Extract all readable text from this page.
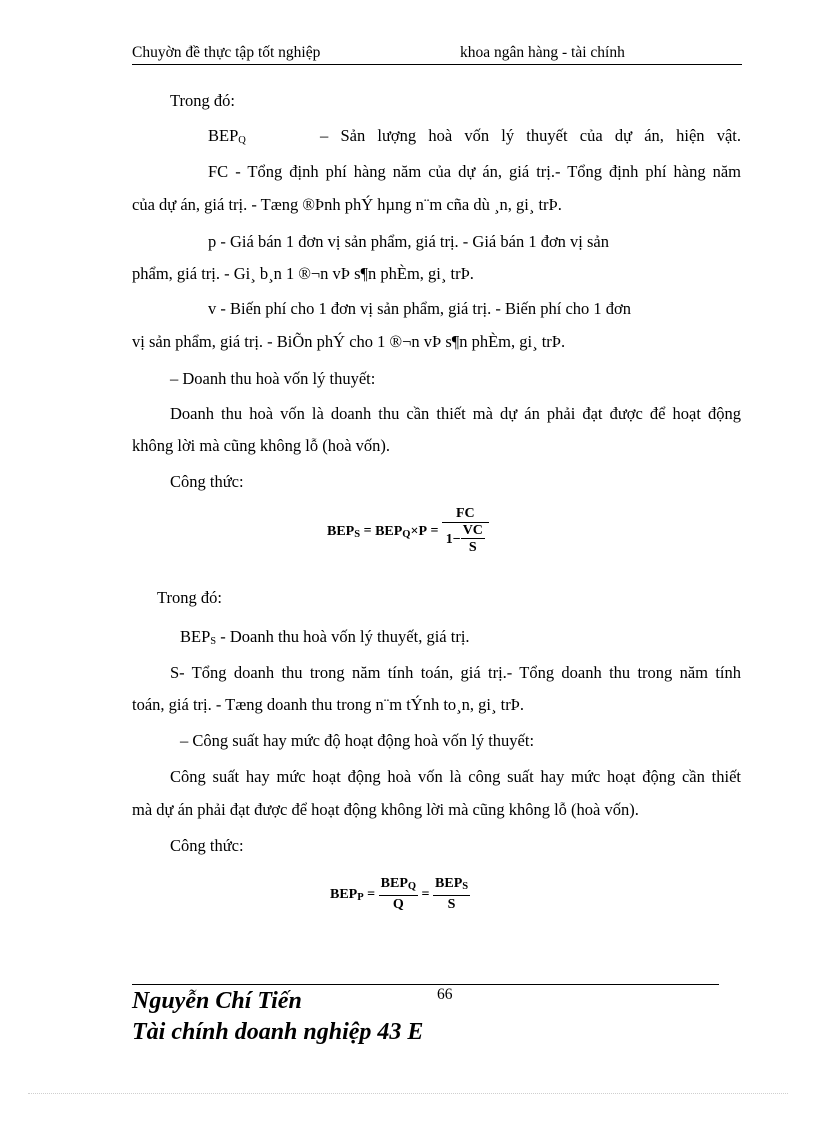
Chuyờn đề thực tập tốt nghiệp	khoa ngân hàng - tài chính
Trong đó:
BEPQ	– Sản lượng hoà vốn lý thuyết của dự án, hiện vật.
FC - Tổng định phí hàng năm của dự án, giá trị.- Tổng định phí hàng năm
của dự án, giá trị. - Tæng ®Þnh phÝ hµng n¨m cña dù ¸n, gi¸ trÞ.
p - Giá bán 1 đơn vị sản phẩm, giá trị. - Giá bán 1 đơn vị sản
phẩm, giá trị. - Gi¸ b¸n 1 ®¬n vÞ s¶n phÈm, gi¸ trÞ.
v - Biến phí cho 1 đơn vị sản phẩm, giá trị. - Biến phí cho 1 đơn
vị sản phẩm, giá trị. - BiÕn phÝ cho 1 ®¬n vÞ s¶n phÈm, gi¸ trÞ.
– Doanh thu hoà vốn lý thuyết:
Doanh thu hoà vốn là doanh thu cần thiết mà dự án phải đạt được để hoạt động
không lời mà cũng không lỗ (hoà vốn).
Công thức:
BEPS = BEPQ×P = $\frac{FC}{1- \frac{VC}{S}}$
Trong đó:
BEPS - Doanh thu hoà vốn lý thuyết, giá trị.
S- Tổng doanh thu trong năm tính toán, giá trị.- Tổng doanh thu trong năm tính
toán, giá trị. - Tæng doanh thu trong n¨m tÝnh to¸n, gi¸ trÞ.
– Công suất hay mức độ hoạt động hoà vốn lý thuyết:
Công suất hay mức hoạt động hoà vốn là công suất hay mức hoạt động cần thiết
mà dự án phải đạt được để hoạt động không lời mà cũng không lỗ (hoà vốn).
Công thức:
BEPP = $\frac{\text{BEPQ}}{Q} = \frac{\text{BEPS}}{S}$
66
Nguyễn Chí Tiến
Tài chính doanh nghiệp 43 E
